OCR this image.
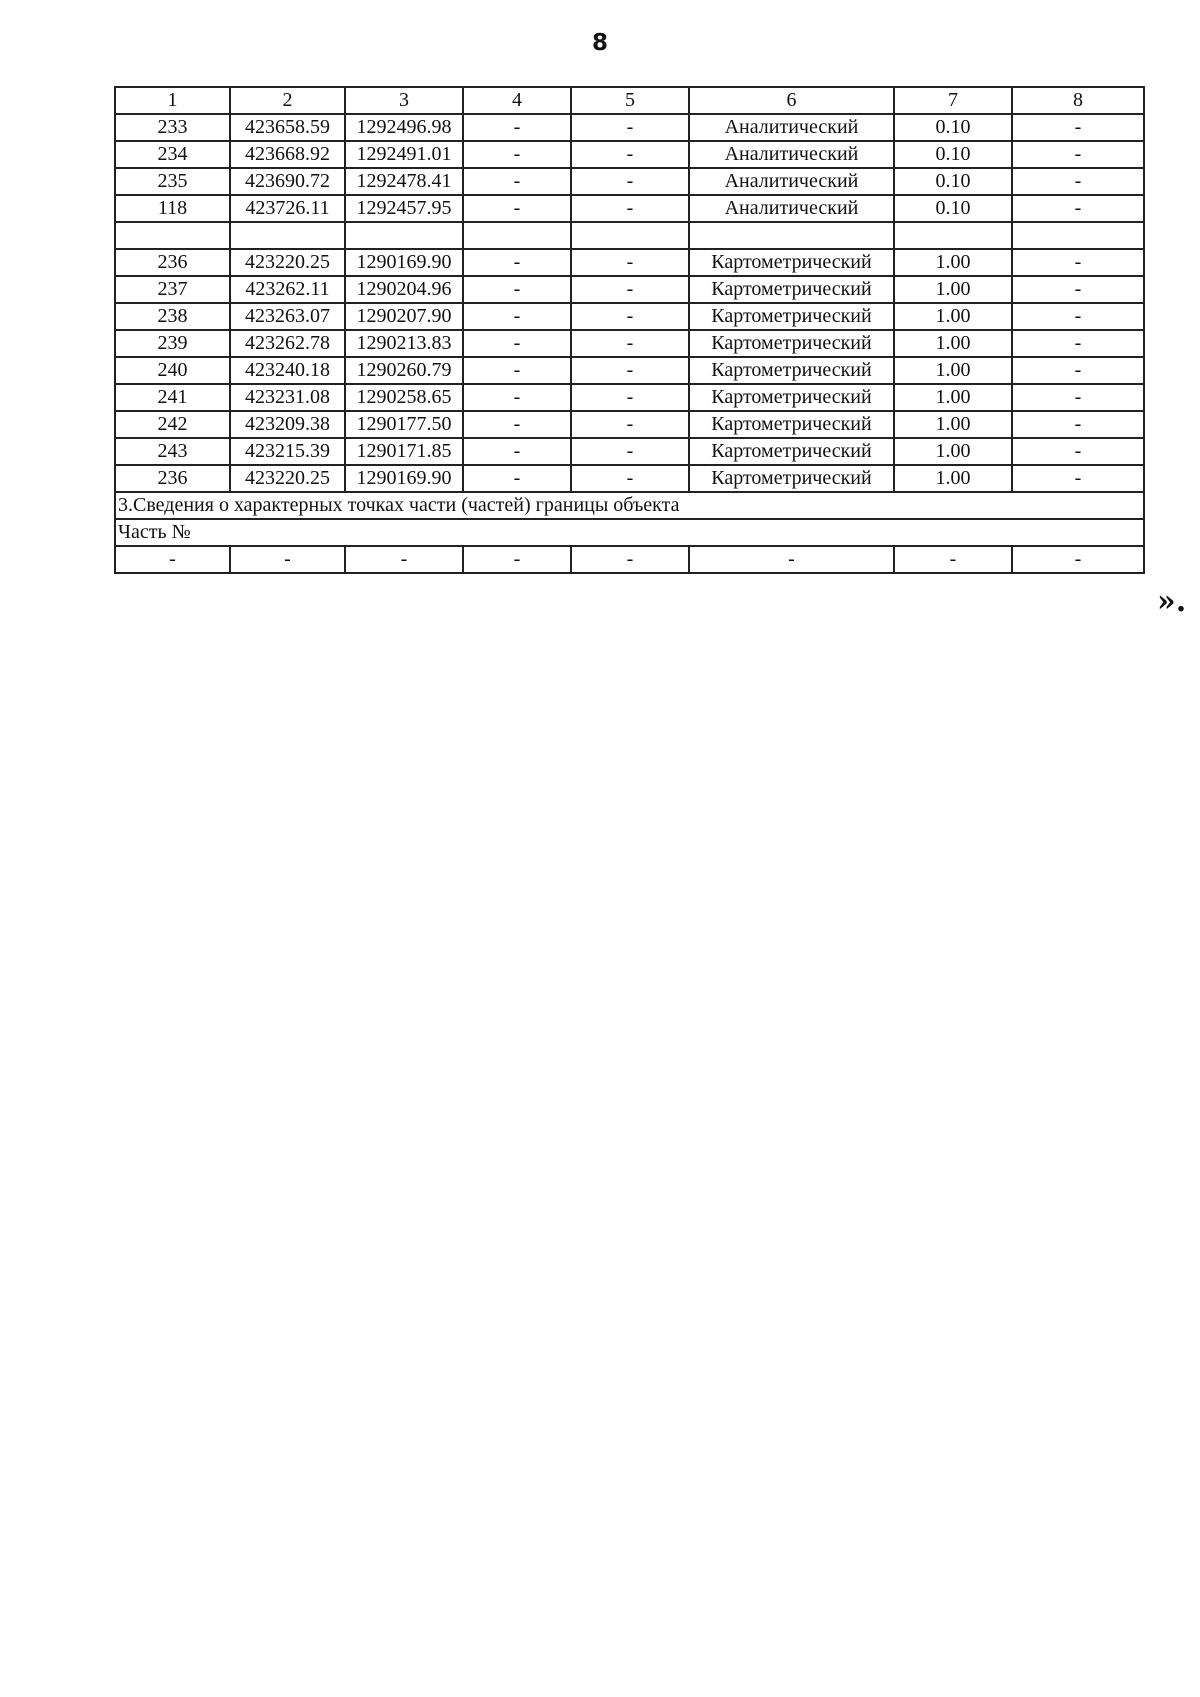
8
1	2	3	4	5	6	7	8
233	423658.59	1292496.98	-	-	Аналитический	0.10	-
234	423668.92	1292491.01	-	-	Аналитический	0.10	-
235	423690.72	1292478.41	-	-	Аналитический	0.10	-
118	423726.11	1292457.95	-	-	Аналитический	0.10	-

236	423220.25	1290169.90	-	-	Картометрический	1.00	-
237	423262.11	1290204.96	-	-	Картометрический	1.00	-
238	423263.07	1290207.90	-	-	Картометрический	1.00	-
239	423262.78	1290213.83	-	-	Картометрический	1.00	-
240	423240.18	1290260.79	-	-	Картометрический	1.00	-
241	423231.08	1290258.65	-	-	Картометрический	1.00	-
242	423209.38	1290177.50	-	-	Картометрический	1.00	-
243	423215.39	1290171.85	-	-	Картометрический	1.00	-
236	423220.25	1290169.90	-	-	Картометрический	1.00	-
3.Сведения о характерных точках части (частей) границы объекта							
Часть №							
-	-	-	-	-	-	-	-
».
